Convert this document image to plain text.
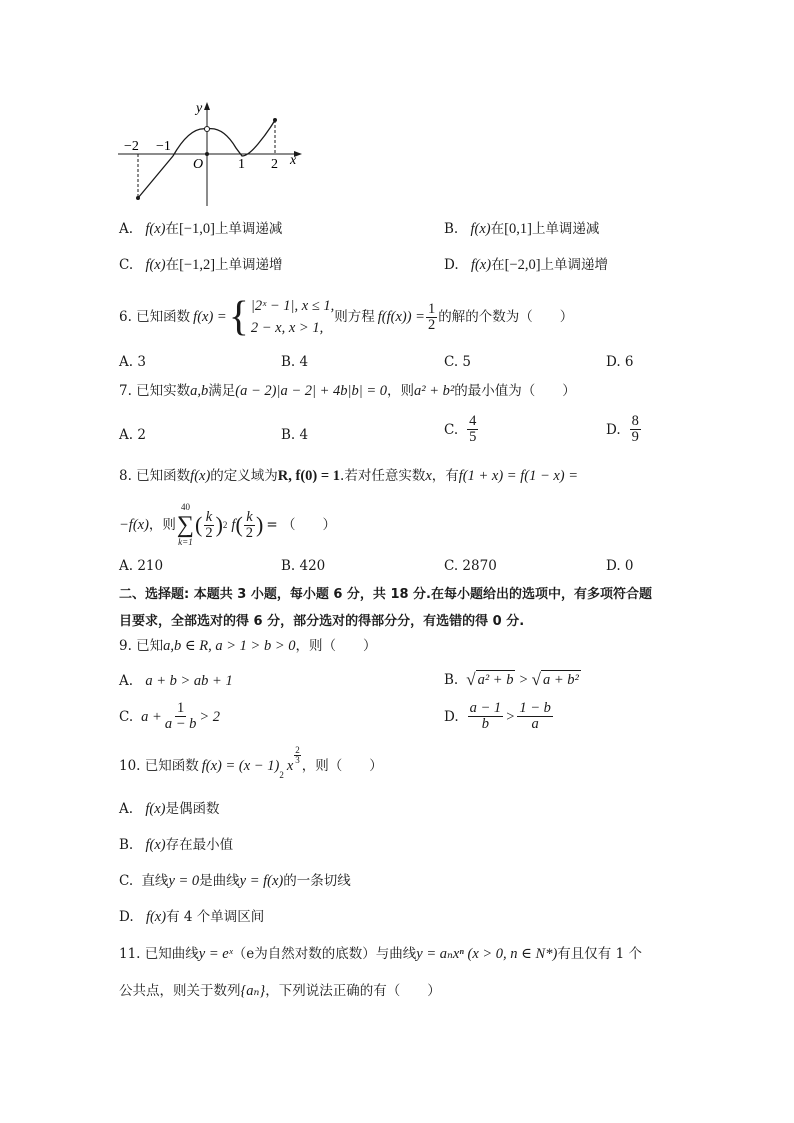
y
x
O
−2 −1
1 2
A. f(x)在[−1,0]上单调递减	B. f(x)在[0,1]上单调递减
C. f(x)在[−1,2]上单调递增	D. f(x)在[−2,0]上单调递增
6. 已知函数 f(x) = { |2ˣ − 1|, x ≤ 1,
2 − x, x > 1,
则方程 $f(f(x)) = \frac{1}{2}$ 的解的个数为（　　）
A. 3	B. 4	C. 5	D. 6
7. 已知实数a,b满足(a − 2)|a − 2| + 4b|b| = 0，则a² + b²的最小值为（　　）
A. 2	B. 4	C. $\frac{4}{5}$	D. $\frac{8}{9}$
8. 已知函数f(x)的定义域为R, f(0) = 1.若对任意实数x，有f(1 + x) = f(1 − x) =
−f(x) ，则
40
∑
k=1
( $\frac{k}{2}$ ) 2 f ( $\frac{k}{2}$ ) = （　　）
A. 210	B. 420	C. 2870	D. 0
二、选择题: 本题共 3 小题，每小题 6 分，共 18 分.在每小题给出的选项中，有多项符合题
目要求，全部选对的得 6 分，部分选对的得部分分，有选错的得 0 分.
9. 已知a,b ∈ R, a > 1 > b > 0，则（　　）
A. a + b > ab + 1	B. √ a² + b > √ a + b²
C. $a + \frac{1}{a - b} > 2$	D. $\frac{a - 1}{b} > \frac{1 - b}{a}$
10. 已知函数 f(x) = (x − 1)
2
x
$\frac{2}{3}$
，则（　　）
A. f(x)是偶函数
B. f(x)存在最小值
C. 直线y = 0是曲线y = f(x)的一条切线
D. f(x)有 4 个单调区间
11. 已知曲线y = eˣ（e为自然对数的底数）与曲线y = aₙxⁿ (x > 0, n ∈ N*)有且仅有 1 个
公共点，则关于数列{aₙ}，下列说法正确的有（　　）
